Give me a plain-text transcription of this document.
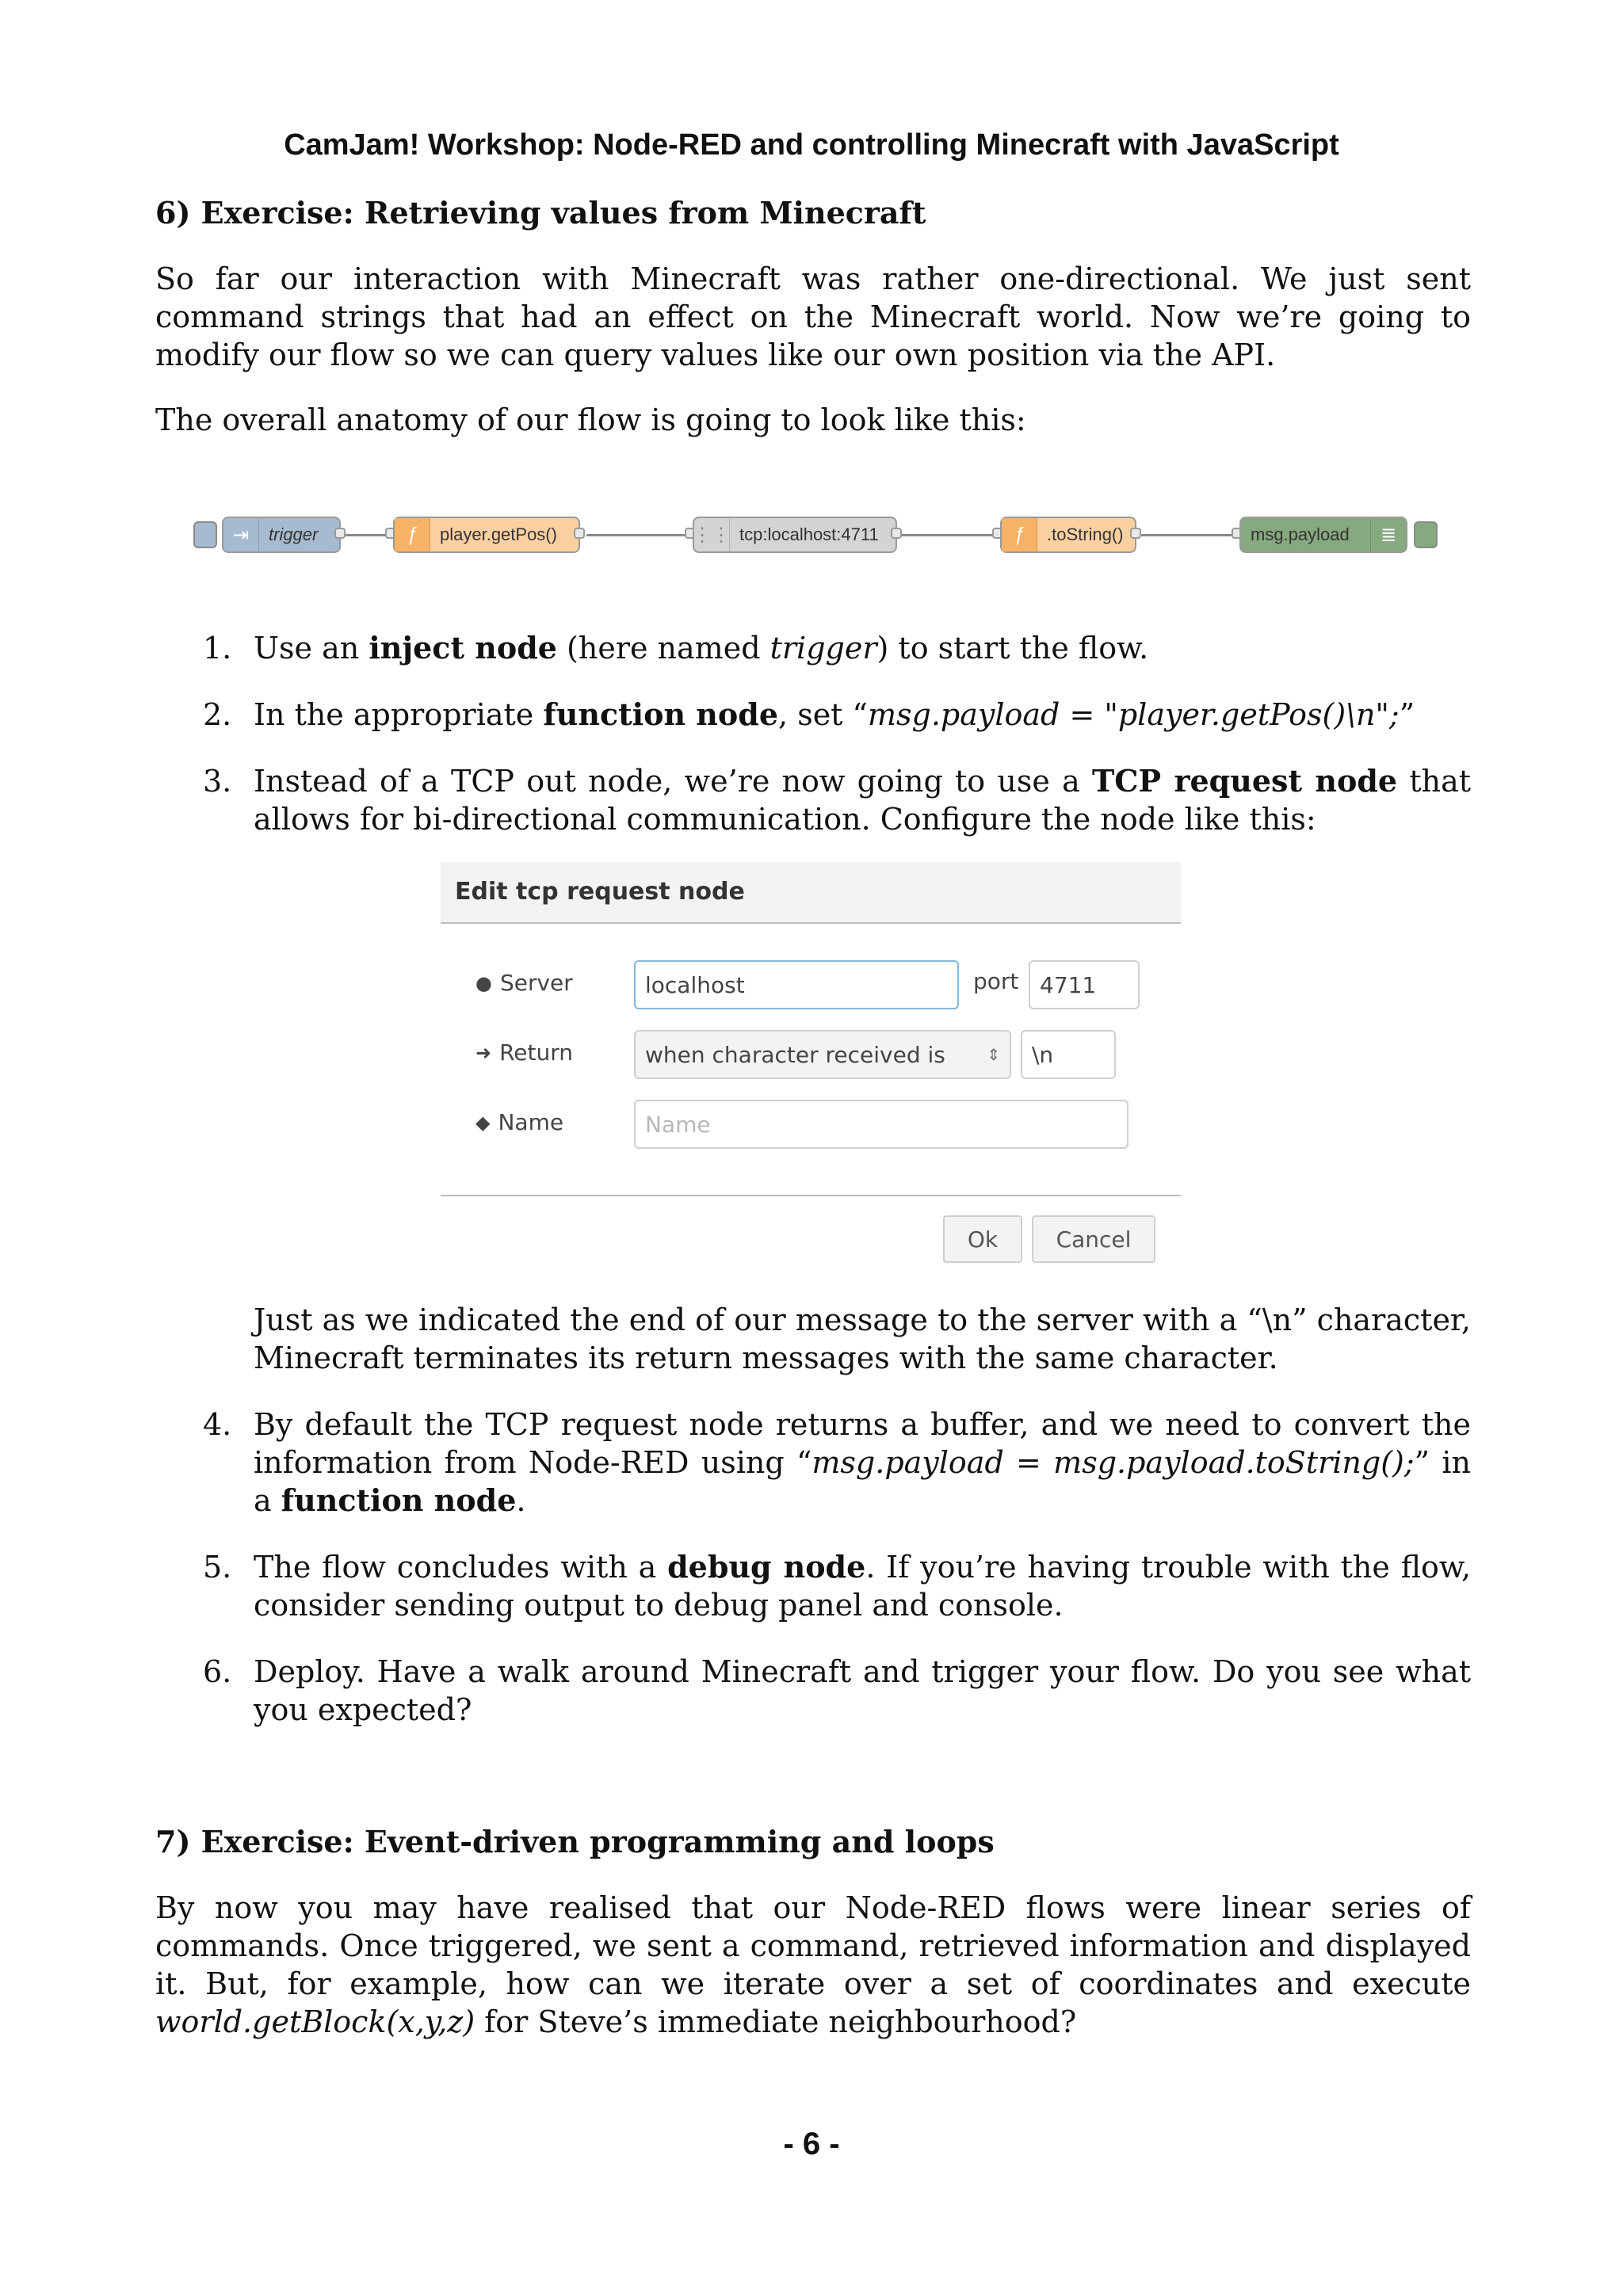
CamJam! Workshop: Node-RED and controlling Minecraft with JavaScript
6) Exercise: Retrieving values from Minecraft
So far our interaction with Minecraft was rather one-directional. We just sent command strings that had an effect on the Minecraft world. Now we’re going to modify our flow so we can query values like our own position via the API.
The overall anatomy of our flow is going to look like this:
⇥	trigger	ƒ	player.getPos()	⋮⋮ tcp:localhost:4711	ƒ	.toString()	msg.payload	≣
1. Use an inject node (here named trigger) to start the flow.
2. In the appropriate function node, set “msg.payload = "player.getPos()\n";”
3. Instead of a TCP out node, we’re now going to use a TCP request node that allows for bi-directional communication. Configure the node like this:
Edit tcp request node
● Server	localhost	port 4711
➜ Return	when character received is	⇕	\n
◆ Name	Name
Ok	Cancel
Just as we indicated the end of our message to the server with a “\n” character, Minecraft terminates its return messages with the same character.
4. By default the TCP request node returns a buffer, and we need to convert the information from Node-RED using “msg.payload = msg.payload.toString();” in a function node.
5. The flow concludes with a debug node. If you’re having trouble with the flow, consider sending output to debug panel and console.
6. Deploy. Have a walk around Minecraft and trigger your flow. Do you see what you expected?
7) Exercise: Event-driven programming and loops
By now you may have realised that our Node-RED flows were linear series of commands. Once triggered, we sent a command, retrieved information and displayed it. But, for example, how can we iterate over a set of coordinates and execute world.getBlock(x,y,z) for Steve’s immediate neighbourhood?
- 6 -
